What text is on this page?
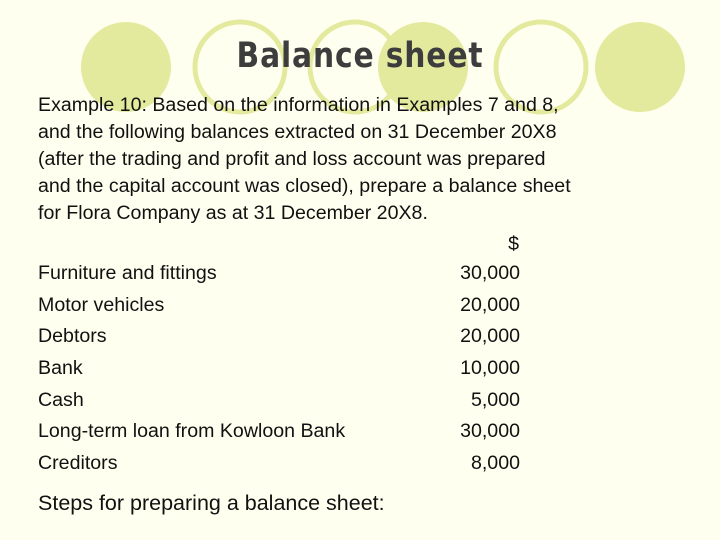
Balance sheet
Example 10: Based on the information in Examples 7 and 8,
and the following balances extracted on 31 December 20X8
(after the trading and profit and loss account was prepared
and the capital account was closed), prepare a balance sheet
for Flora Company as at 31 December 20X8.
$
Furniture and fittings	30,000
Motor vehicles	20,000
Debtors	20,000
Bank	10,000
Cash	5,000
Long-term loan from Kowloon Bank	30,000
Creditors	8,000
Steps for preparing a balance sheet:
